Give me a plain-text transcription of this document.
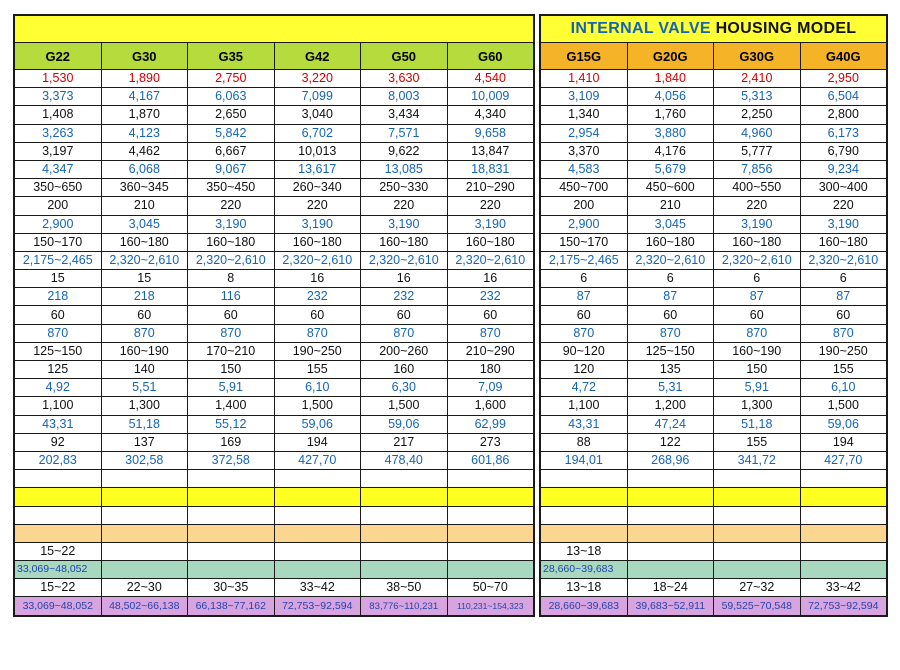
G22	G30	G35	G42	G50	G60
1,530	1,890	2,750	3,220	3,630	4,540
3,373	4,167	6,063	7,099	8,003	10,009
1,408	1,870	2,650	3,040	3,434	4,340
3,263	4,123	5,842	6,702	7,571	9,658
3,197	4,462	6,667	10,013	9,622	13,847
4,347	6,068	9,067	13,617	13,085	18,831
350~650	360~345	350~450	260~340	250~330	210~290
200	210	220	220	220	220
2,900	3,045	3,190	3,190	3,190	3,190
150~170	160~180	160~180	160~180	160~180	160~180
2,175~2,465	2,320~2,610	2,320~2,610	2,320~2,610	2,320~2,610	2,320~2,610
15	15	8	16	16	16
218	218	116	232	232	232
60	60	60	60	60	60
870	870	870	870	870	870
125~150	160~190	170~210	190~250	200~260	210~290
125	140	150	155	160	180
4,92	5,51	5,91	6,10	6,30	7,09
1,100	1,300	1,400	1,500	1,500	1,600
43,31	51,18	55,12	59,06	59,06	62,99
92	137	169	194	217	273
202,83	302,58	372,58	427,70	478,40	601,86

15~22					
33,069~48,052					
15~22	22~30	30~35	33~42	38~50	50~70
33,069~48,052	48,502~66,138	66,138~77,162	72,753~92,594	83,776~110,231	110,231~154,323
INTERNAL VALVE HOUSING MODEL			
G15G	G20G	G30G	G40G
1,410	1,840	2,410	2,950
3,109	4,056	5,313	6,504
1,340	1,760	2,250	2,800
2,954	3,880	4,960	6,173
3,370	4,176	5,777	6,790
4,583	5,679	7,856	9,234
450~700	450~600	400~550	300~400
200	210	220	220
2,900	3,045	3,190	3,190
150~170	160~180	160~180	160~180
2,175~2,465	2,320~2,610	2,320~2,610	2,320~2,610
6	6	6	6
87	87	87	87
60	60	60	60
870	870	870	870
90~120	125~150	160~190	190~250
120	135	150	155
4,72	5,31	5,91	6,10
1,100	1,200	1,300	1,500
43,31	47,24	51,18	59,06
88	122	155	194
194,01	268,96	341,72	427,70

13~18			
28,660~39,683			
13~18	18~24	27~32	33~42
28,660~39,683	39,683~52,911	59,525~70,548	72,753~92,594
